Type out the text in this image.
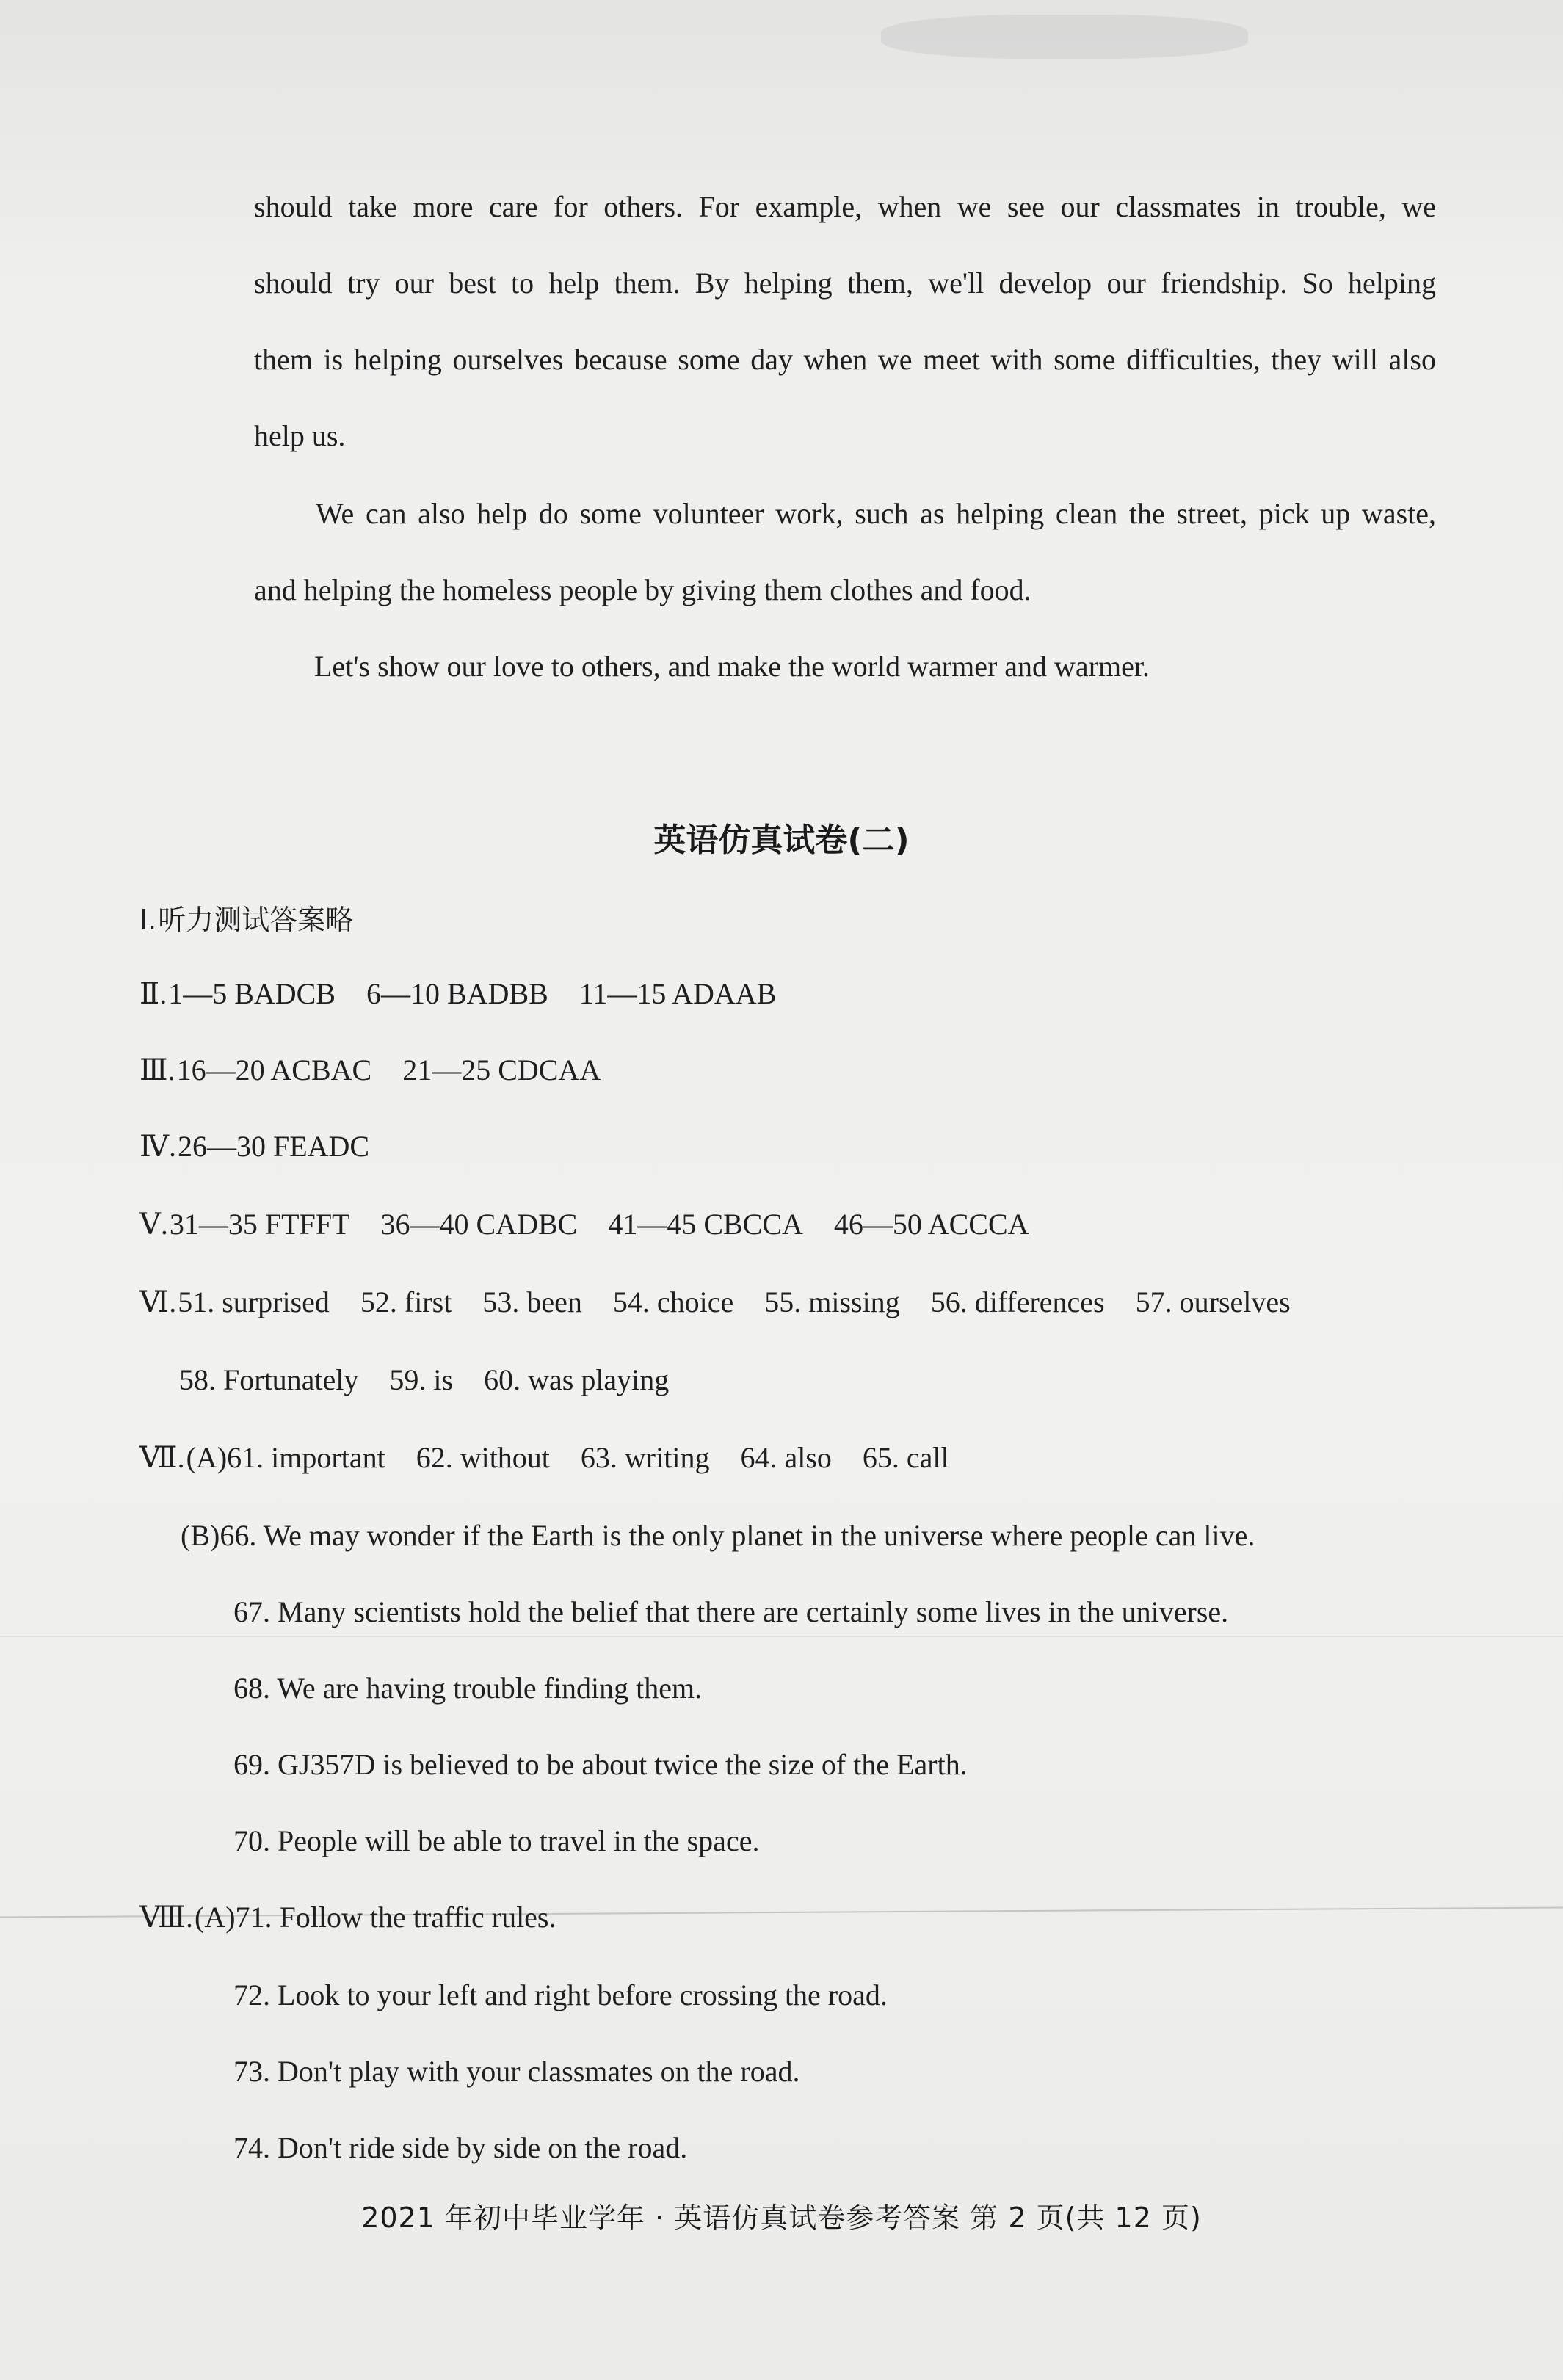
should take more care for others. For example, when we see our classmates in trouble, we
should try our best to help them. By helping them, we'll develop our friendship. So helping
them is helping ourselves because some day when we meet with some difficulties, they will also
help us.
We can also help do some volunteer work, such as helping clean the street, pick up waste,
and helping the homeless people by giving them clothes and food.
Let's show our love to others, and make the world warmer and warmer.
英语仿真试卷(二)
Ⅰ.听力测试答案略
Ⅱ.1—5 BADCB 6—10 BADBB 11—15 ADAAB
Ⅲ.16—20 ACBAC 21—25 CDCAA
Ⅳ.26—30 FEADC
Ⅴ.31—35 FTFFT 36—40 CADBC 41—45 CBCCA 46—50 ACCCA
Ⅵ.51. surprised 52. first 53. been 54. choice 55. missing 56. differences 57. ourselves
58. Fortunately 59. is 60. was playing
Ⅶ.(A)61. important 62. without 63. writing 64. also 65. call
(B)66. We may wonder if the Earth is the only planet in the universe where people can live.
67. Many scientists hold the belief that there are certainly some lives in the universe.
68. We are having trouble finding them.
69. GJ357D is believed to be about twice the size of the Earth.
70. People will be able to travel in the space.
Ⅷ.(A)71. Follow the traffic rules.
72. Look to your left and right before crossing the road.
73. Don't play with your classmates on the road.
74. Don't ride side by side on the road.
2021 年初中毕业学年 · 英语仿真试卷参考答案 第 2 页(共 12 页)
